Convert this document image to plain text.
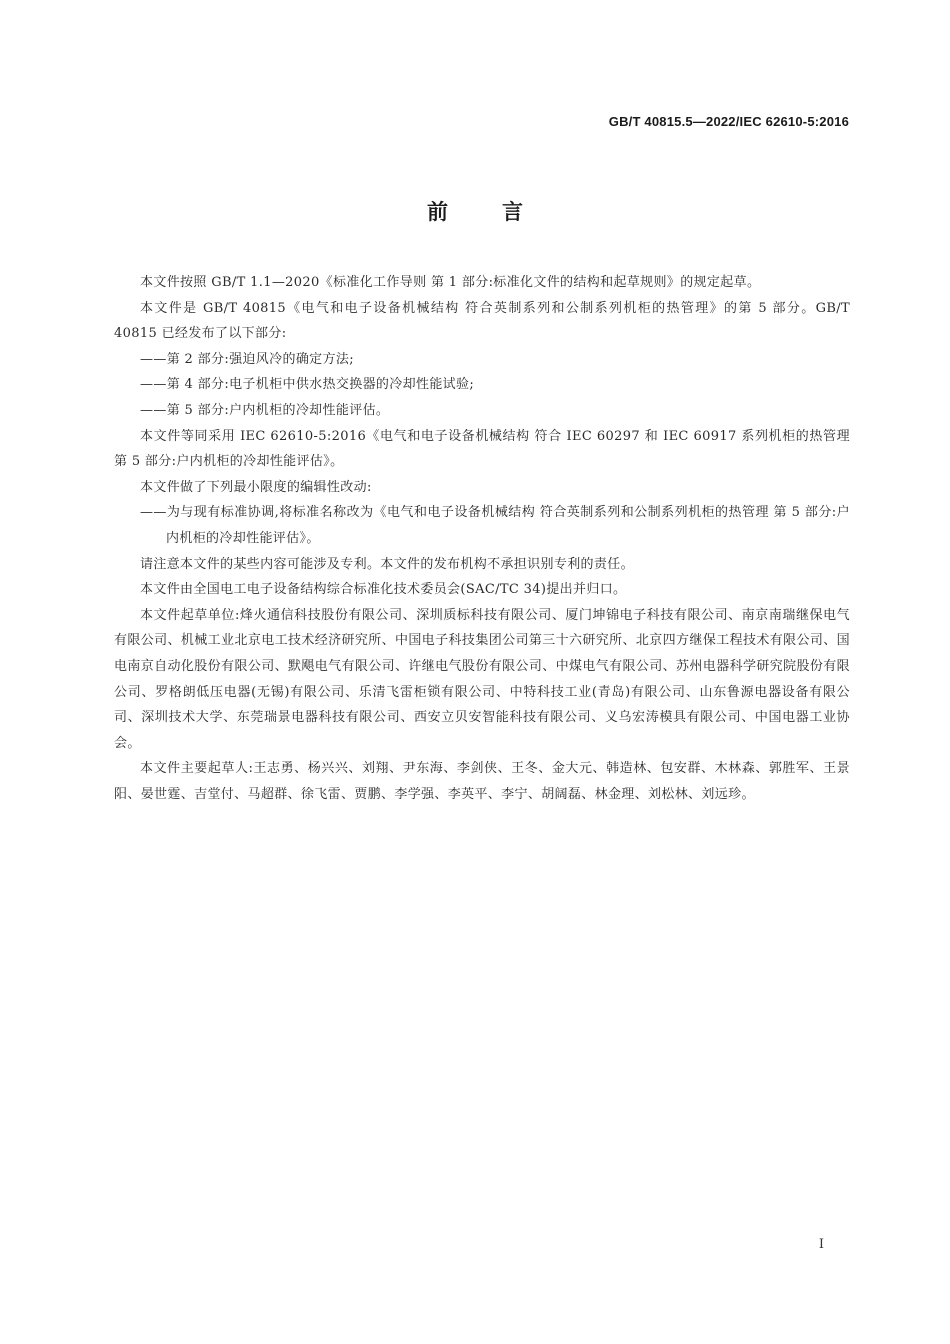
GB/T 40815.5—2022/IEC 62610-5:2016
前言

本文件按照 GB/T 1.1—2020《标准化工作导则 第 1 部分:标准化文件的结构和起草规则》的规定起草。

本文件是 GB/T 40815《电气和电子设备机械结构 符合英制系列和公制系列机柜的热管理》的第 5 部分。GB/T 40815 已经发布了以下部分:

——第 2 部分:强迫风冷的确定方法;

——第 4 部分:电子机柜中供水热交换器的冷却性能试验;

——第 5 部分:户内机柜的冷却性能评估。

本文件等同采用 IEC 62610-5:2016《电气和电子设备机械结构 符合 IEC 60297 和 IEC 60917 系列机柜的热管理 第 5 部分:户内机柜的冷却性能评估》。

本文件做了下列最小限度的编辑性改动:

——为与现有标准协调,将标准名称改为《电气和电子设备机械结构 符合英制系列和公制系列机柜的热管理 第 5 部分:户内机柜的冷却性能评估》。

请注意本文件的某些内容可能涉及专利。本文件的发布机构不承担识别专利的责任。

本文件由全国电工电子设备结构综合标准化技术委员会(SAC/TC 34)提出并归口。

本文件起草单位:烽火通信科技股份有限公司、深圳质标科技有限公司、厦门坤锦电子科技有限公司、南京南瑞继保电气有限公司、机械工业北京电工技术经济研究所、中国电子科技集团公司第三十六研究所、北京四方继保工程技术有限公司、国电南京自动化股份有限公司、默飓电气有限公司、许继电气股份有限公司、中煤电气有限公司、苏州电器科学研究院股份有限公司、罗格朗低压电器(无锡)有限公司、乐清飞雷柜锁有限公司、中特科技工业(青岛)有限公司、山东鲁源电器设备有限公司、深圳技术大学、东莞瑞景电器科技有限公司、西安立贝安智能科技有限公司、义乌宏涛模具有限公司、中国电器工业协会。

本文件主要起草人:王志勇、杨兴兴、刘翔、尹东海、李剑侠、王冬、金大元、韩造林、包安群、木林森、郭胜军、王景阳、晏世霆、吉堂付、马超群、徐飞雷、贾鹏、李学强、李英平、李宁、胡阔磊、林金理、刘松林、刘远珍。

I
